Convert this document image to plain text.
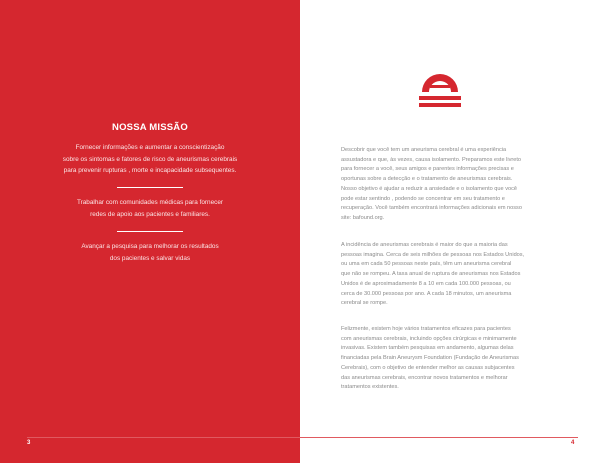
NOSSA MISSÃO

Fornecer informações e aumentar a conscientização

sobre os sintomas e fatores de risco de aneurismas cerebrais

para prevenir rupturas , morte e incapacidade subsequentes.

Trabalhar com comunidades médicas para fornecer

redes de apoio aos pacientes e familiares.

Avançar a pesquisa para melhorar os resultados

dos pacientes e salvar vidas

3

Descobrir que você tem um aneurisma cerebral é uma experiência

assustadora e que, às vezes, causa isolamento. Preparamos este livreto

para fornecer a você, seus amigos e parentes informações precisas e

oportunas sobre a detecção e o tratamento de aneurismas cerebrais.

Nosso objetivo é ajudar a reduzir a ansiedade e o isolamento que você

pode estar sentindo , podendo se concentrar em seu tratamento e

recuperação. Você também encontrará informações adicionais em nosso

site: bafound.org.

A incidência de aneurismas cerebrais é maior do que a maioria das

pessoas imagina. Cerca de seis milhões de pessoas nos Estados Unidos,

ou uma em cada 50 pessoas neste país, têm um aneurisma cerebral

que não se rompeu. A taxa anual de ruptura de aneurismas nos Estados

Unidos é de aproximadamente 8 a 10 em cada 100.000 pessoas, ou

cerca de 30.000 pessoas por ano. A cada 18 minutos, um aneurisma

cerebral se rompe.

Felizmente, existem hoje vários tratamentos eficazes para pacientes

com aneurismas cerebrais, incluindo opções cirúrgicas e minimamente

invasivas. Existem também pesquisas em andamento, algumas delas

financiadas pela Brain Aneurysm Foundation (Fundação de Aneurismas

Cerebrais), com o objetivo de entender melhor as causas subjacentes

das aneurismas cerebrais, encontrar novos tratamentos e melhorar

tratamentos existentes.

4
